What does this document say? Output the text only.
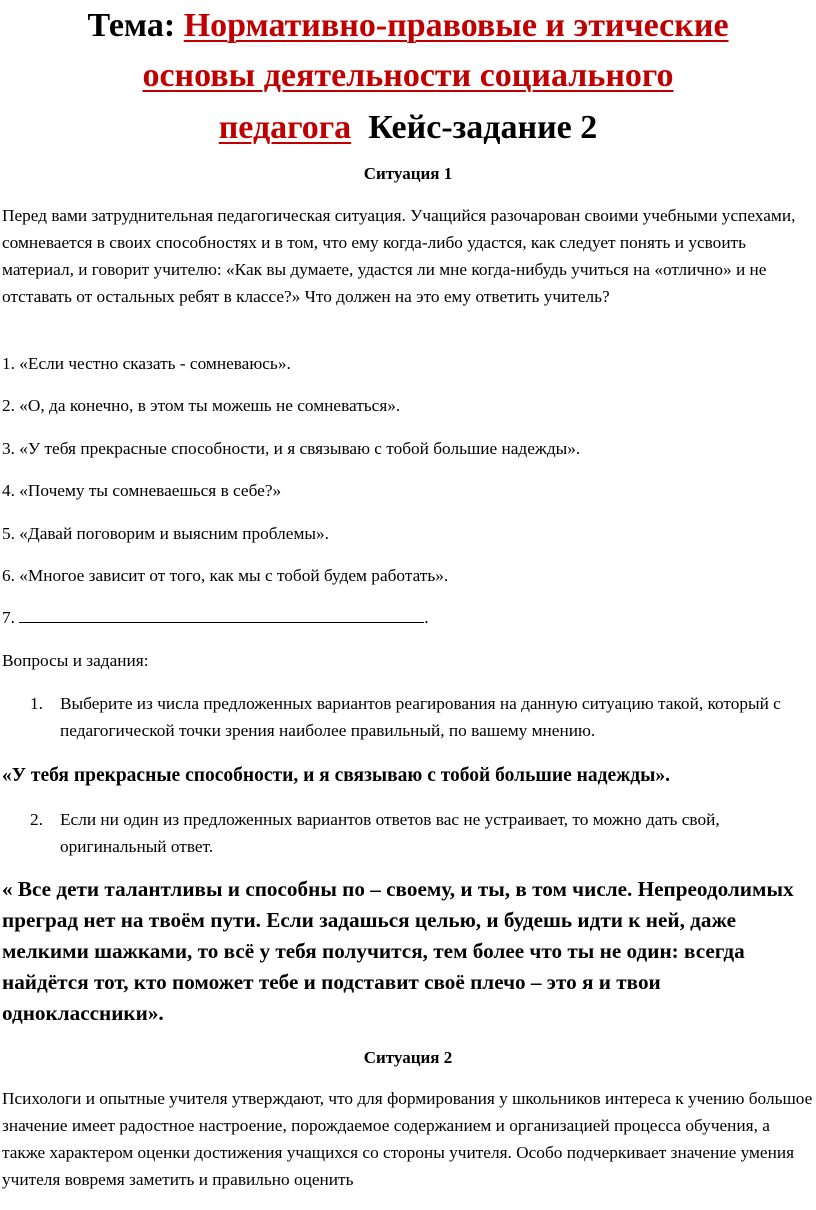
Тема: Нормативно-правовые и этические
основы деятельности социального
педагога Кейс-задание 2
Ситуация 1
Перед вами затруднительная педагогическая ситуация. Учащийся разочарован своими учебными успехами, сомневается в своих способностях и в том, что ему когда-либо удастся, как следует понять и усвоить материал, и говорит учителю: «Как вы думаете, удастся ли мне когда-нибудь учиться на «отлично» и не отставать от остальных ребят в классе?» Что должен на это ему ответить учитель?
1. «Если честно сказать - сомневаюсь».
2. «О, да конечно, в этом ты можешь не сомневаться».
3. «У тебя прекрасные способности, и я связываю с тобой большие надежды».
4. «Почему ты сомневаешься в себе?»
5. «Давай поговорим и выясним проблемы».
6. «Многое зависит от того, как мы с тобой будем работать».
7.	.
Вопросы и задания:
1. Выберите из числа предложенных вариантов реагирования на данную ситуацию такой, который с педагогической точки зрения наиболее правильный, по вашему мнению.
«У тебя прекрасные способности, и я связываю с тобой большие надежды».
2. Если ни один из предложенных вариантов ответов вас не устраивает, то можно дать свой, оригинальный ответ.
« Все дети талантливы и способны по – своему, и ты, в том числе. Непреодолимых преград нет на твоём пути. Если задашься целью, и будешь идти к ней, даже мелкими шажками, то всё у тебя получится, тем более что ты не один: всегда найдётся тот, кто поможет тебе и подставит своё плечо – это я и твои одноклассники».
Ситуация 2
Психологи и опытные учителя утверждают, что для формирования у школьников интереса к учению большое значение имеет радостное настроение, порождаемое содержанием и организацией процесса обучения, а также характером оценки достижения учащихся со стороны учителя. Особо подчеркивает значение умения учителя вовремя заметить и правильно оценить
